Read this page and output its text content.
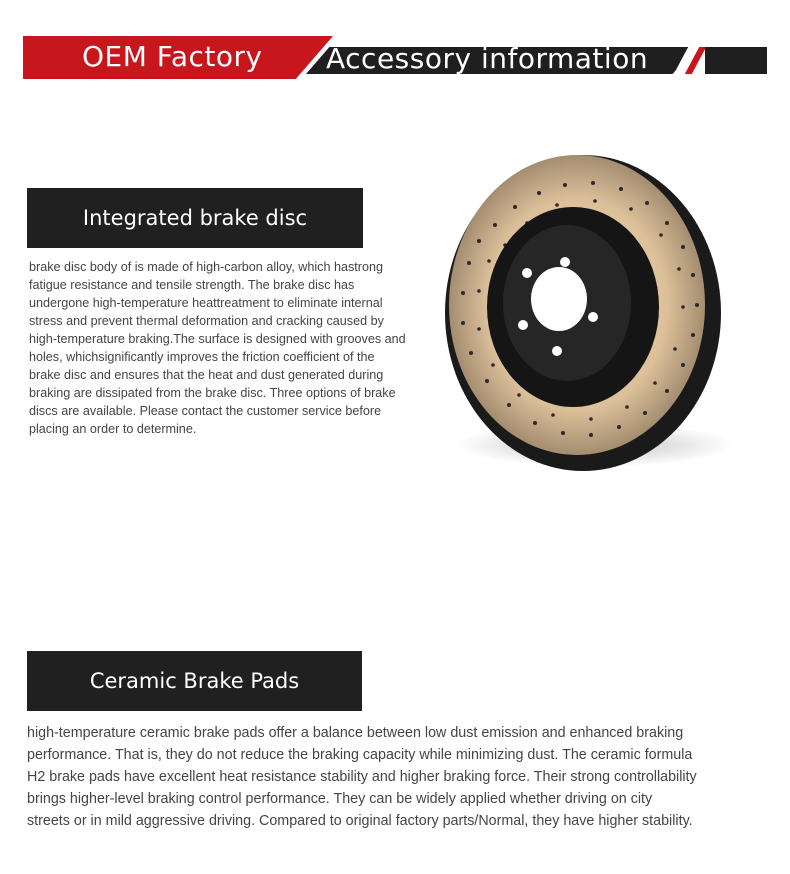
OEM Factory Accessory information
Integrated brake disc
brake disc body of is made of high-carbon alloy, which hastrong fatigue resistance and tensile strength. The brake disc has undergone high-temperature heattreatment to eliminate internal stress and prevent thermal deformation and cracking caused by high-temperature braking.The surface is designed with grooves and holes, whichsignificantly improves the friction coefficient of the brake disc and ensures that the heat and dust generated during braking are dissipated from the brake disc. Three options of brake discs are available. Please contact the customer service before placing an order to determine.
Ceramic Brake Pads
high-temperature ceramic brake pads offer a balance between low dust emission and enhanced braking performance. That is, they do not reduce the braking capacity while minimizing dust. The ceramic formula H2 brake pads have excellent heat resistance stability and higher braking force. Their strong controllability brings higher-level braking control performance. They can be widely applied whether driving on city streets or in mild aggressive driving. Compared to original factory parts/Normal, they have higher stability.
